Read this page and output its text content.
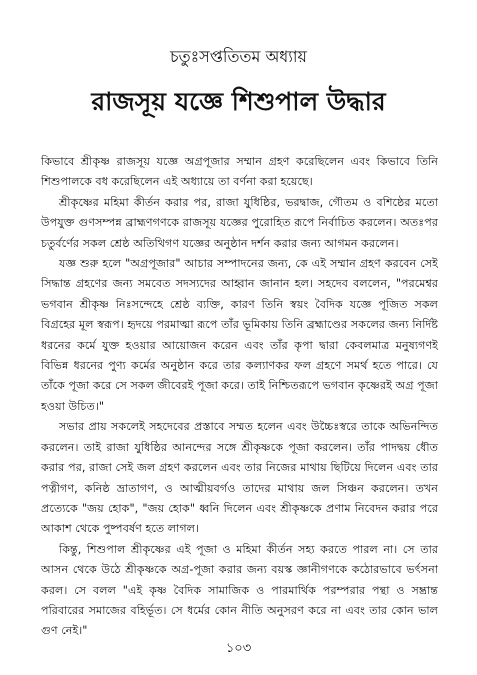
চতুঃসপ্ততিতম অধ্যায়
রাজসূয় যজ্ঞে শিশুপাল উদ্ধার

কিভাবে শ্রীকৃষ্ণ রাজসূয় যজ্ঞে অগ্রপূজার সম্মান গ্রহণ করেছিলেন এবং কিভাবে তিনি শিশুপালকে বধ করেছিলেন এই অধ্যায়ে তা বর্ণনা করা হয়েছে।

শ্রীকৃষ্ণের মহিমা কীর্তন করার পর, রাজা যুধিষ্ঠির, ভরদ্বাজ, গৌতম ও বশিষ্ঠের মতো উপযুক্ত গুণসম্পন্ন ব্রাহ্মণগণকে রাজসূয় যজ্ঞের পুরোহিত রূপে নির্বাচিত করলেন। অতঃপর চতুর্বর্ণের সকল শ্রেষ্ঠ অতিথিগণ যজ্ঞের অনুষ্ঠান দর্শন করার জন্য আগমন করলেন।

যজ্ঞ শুরু হলে "অগ্রপূজার" আচার সম্পাদনের জন্য, কে এই সম্মান গ্রহণ করবেন সেই সিদ্ধান্ত গ্রহণের জন্য সমবেত সদস্যদের আহ্বান জানান হল। সহদেব বললেন, "পরমেশ্বর ভগবান শ্রীকৃষ্ণ নিঃসন্দেহে শ্রেষ্ঠ ব্যক্তি, কারণ তিনি স্বয়ং বৈদিক যজ্ঞে পূজিত সকল বিগ্রহের মূল স্বরূপ। হৃদয়ে পরমাত্মা রূপে তাঁর ভূমিকায় তিনি ব্রহ্মাণ্ডের সকলের জন্য নির্দিষ্ট ধরনের কর্মে যুক্ত হওয়ার আয়োজন করেন এবং তাঁর কৃপা দ্বারা কেবলমাত্র মনুষ্যগণই বিভিন্ন ধরনের পুণ্য কর্মের অনুষ্ঠান করে তার কল্যাণকর ফল গ্রহণে সমর্থ হতে পারে। যে তাঁকে পূজা করে সে সকল জীবেরই পূজা করে। তাই নিশ্চিতরূপে ভগবান কৃষ্ণেরই অগ্র পূজা হওয়া উচিত।"

সভার প্রায় সকলেই সহদেবের প্রস্তাবে সম্মত হলেন এবং উচ্চৈঃস্বরে তাকে অভিনন্দিত করলেন। তাই রাজা যুধিষ্ঠির আনন্দের সঙ্গে শ্রীকৃষ্ণকে পূজা করলেন। তাঁর পাদদ্বয় ধৌত করার পর, রাজা সেই জল গ্রহণ করলেন এবং তার নিজের মাথায় ছিটিয়ে দিলেন এবং তার পত্নীগণ, কনিষ্ঠ ভ্রাতাগণ, ও আত্মীয়বর্গও তাদের মাথায় জল সিঞ্চন করলেন। তখন প্রত্যেকে "জয় হোক", "জয় হোক" ধ্বনি দিলেন এবং শ্রীকৃষ্ণকে প্রণাম নিবেদন করার পরে আকাশ থেকে পুষ্পবর্ষণ হতে লাগল।

কিন্তু, শিশুপাল শ্রীকৃষ্ণের এই পূজা ও মহিমা কীর্তন সহ্য করতে পারল না। সে তার আসন থেকে উঠে শ্রীকৃষ্ণকে অগ্র-পূজা করার জন্য বয়স্ক জ্ঞানীগণকে কঠোরভাবে ভর্ৎসনা করল। সে বলল "এই কৃষ্ণ বৈদিক সামাজিক ও পারমার্থিক পরম্পরার পন্থা ও সম্ভ্রান্ত পরিবারের সমাজের বহির্ভূত। সে ধর্মের কোন নীতি অনুসরণ করে না এবং তার কোন ভাল গুণ নেই।"

১০৩
